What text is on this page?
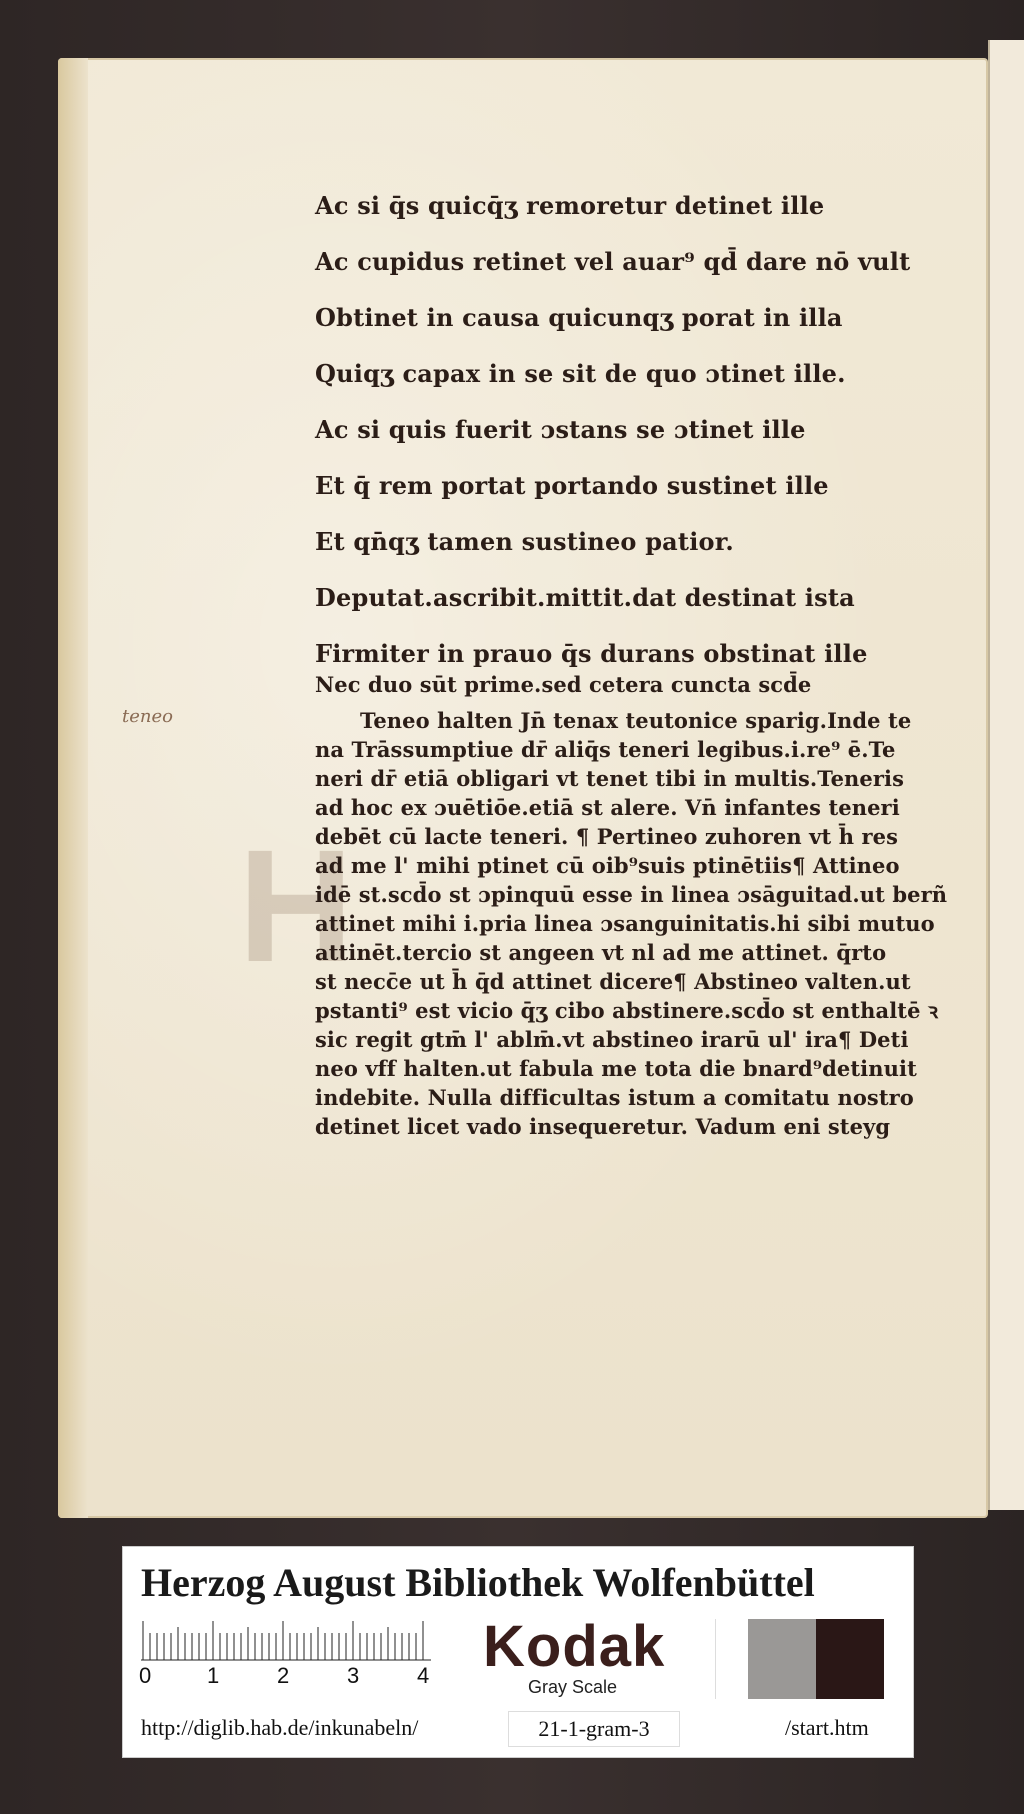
H
Ac si q̄s quicq̄ʒ remoretur detinet ille
Ac cupidus retinet vel auar⁹ qd̄ dare nō vult
Obtinet in causa quicunqʒ porat in illa
Quiqʒ capax in se sit de quo ɔtinet ille.
Ac si quis fuerit ɔstans se ɔtinet ille
Et q̄ rem portat portando sustinet ille
Et qn̄qʒ tamen sustineo patior.
Deputat.ascribit.mittit.dat destinat ista
Firmiter in prauo q̄s durans obstinat ille
teneo
Nec duo sūt prime.sed cetera cuncta scd̄e
Teneo halten Jn̄ tenax teutonice sparig.Inde te
na Trāssumptiue dr̄ aliq̄s teneri legibus.i.re⁹ ē.Te
neri dr̄ etiā obligari vt tenet tibi in multis.Teneris
ad hoc ex ɔuētiōe.etiā st alere. Vn̄ infantes teneri
debēt cū lacte teneri. ¶ Pertineo zuhoren vt h̄ res
ad me l' mihi ptinet cū oib⁹suis ptinētiis¶ Attineo
idē st.scd̄o st ɔpinquū esse in linea ɔsāguitad.ut berñ
attinet mihi i.pria linea ɔsanguinitatis.hi sibi mutuo
attinēt.tercio st angeen vt nl ad me attinet. q̄rto
st necc̄e ut h̄ q̄d attinet dicere¶ Abstineo valten.ut
pstanti⁹ est vicio q̄ʒ cibo abstinere.scd̄o st enthaltē ꝛ
sic regit gtm̄ l' ablm̄.vt abstineo irarū ul' ira¶ Deti
neo vff halten.ut fabula me tota die bnard⁹detinuit
indebite. Nulla difficultas istum a comitatu nostro
detinet licet vado insequeretur. Vadum eni steyg
Herzog August Bibliothek Wolfenbüttel
0	1	2	3	4 Kodak
Gray Scale
http://diglib.hab.de/inkunabeln/	21-1-gram-3	/start.htm
